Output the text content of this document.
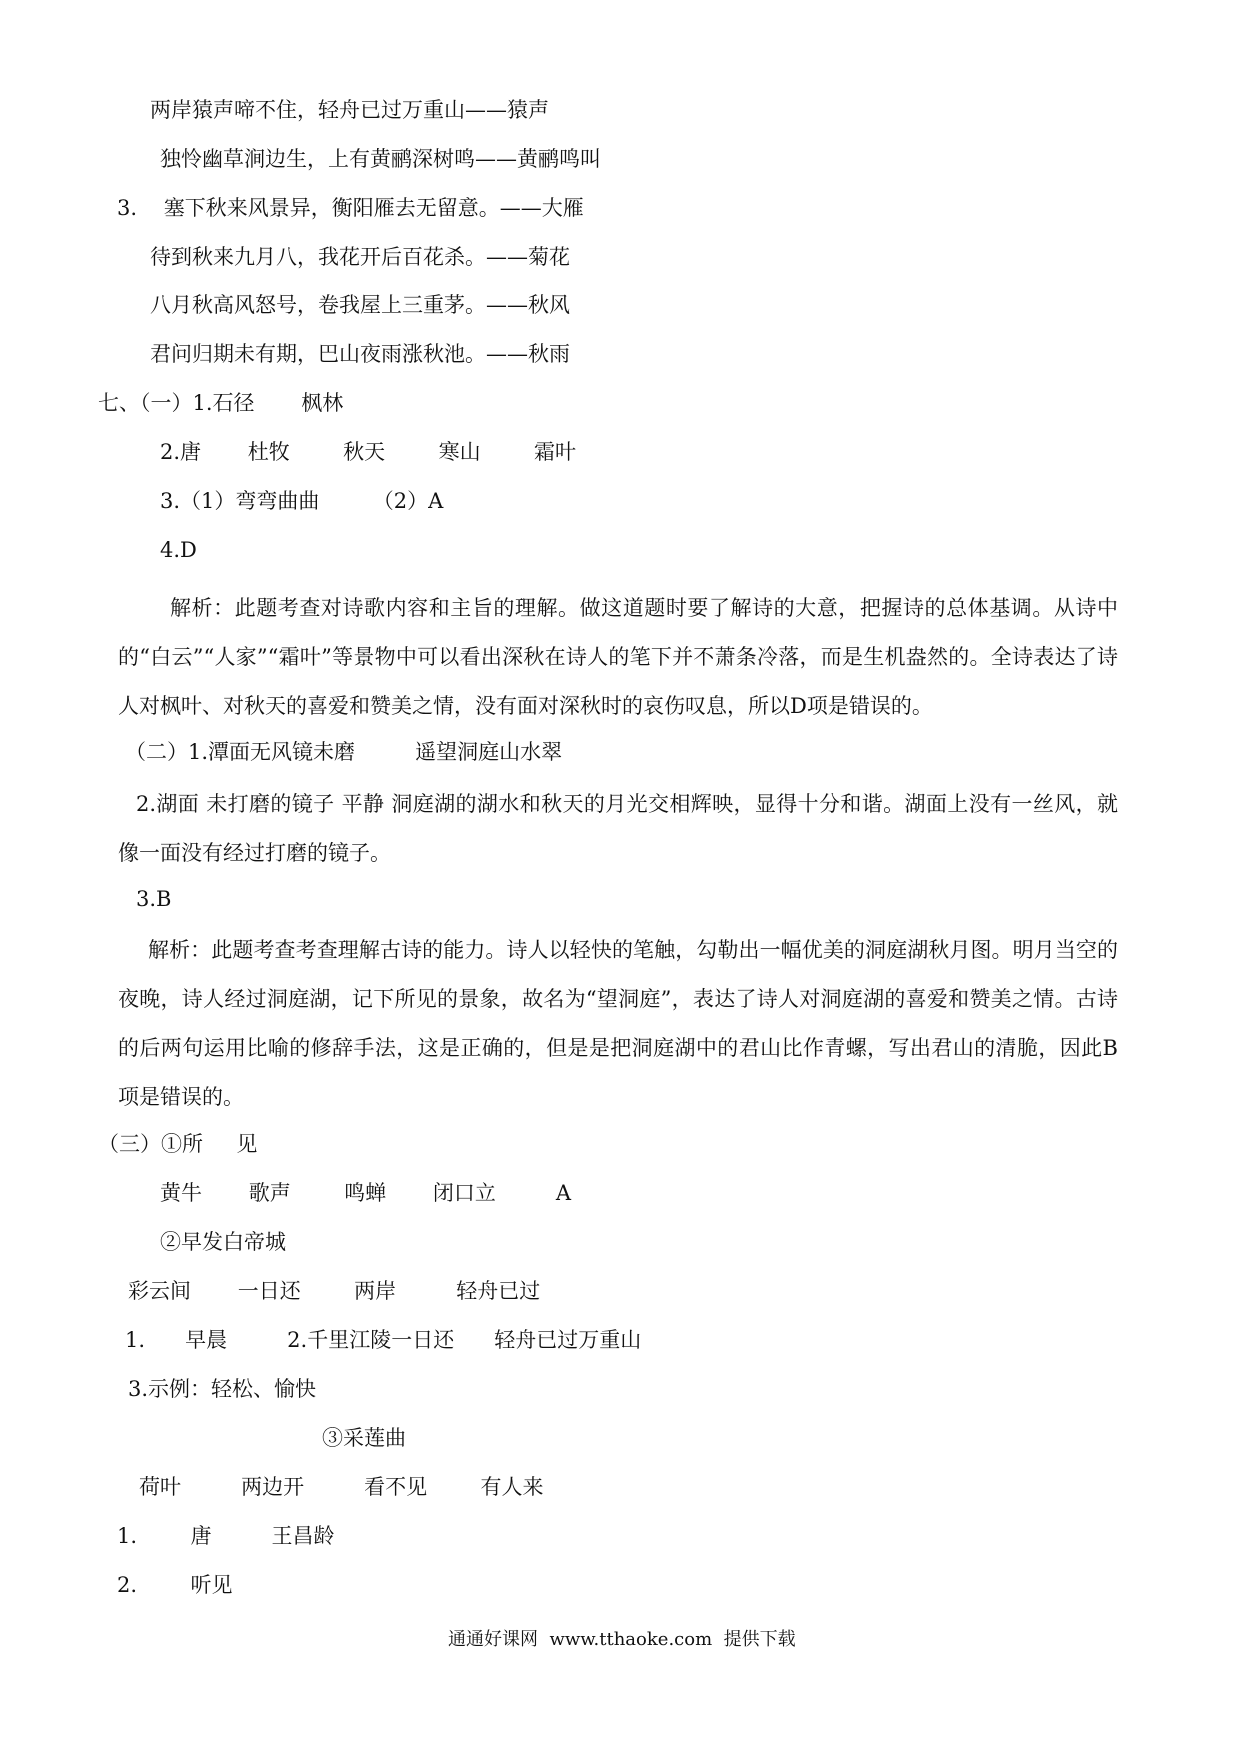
两岸猿声啼不住，轻舟已过万重山——猿声
独怜幽草涧边生，上有黄鹂深树鸣——黄鹂鸣叫
3.    塞下秋来风景异，衡阳雁去无留意。——大雁
待到秋来九月八，我花开后百花杀。——菊花
八月秋高风怒号，卷我屋上三重茅。——秋风
君问归期未有期，巴山夜雨涨秋池。——秋雨
七、（一）1.石径       枫林
2.唐       杜牧        秋天        寒山        霜叶
3.（1）弯弯曲曲        （2）A
4.D
解析：此题考查对诗歌内容和主旨的理解。做这道题时要了解诗的大意，把握诗的总体基调。从诗中的“白云”“人家”“霜叶”等景物中可以看出深秋在诗人的笔下并不萧条冷落，而是生机盎然的。全诗表达了诗人对枫叶、对秋天的喜爱和赞美之情，没有面对深秋时的哀伤叹息，所以D项是错误的。
（二）1.潭面无风镜未磨         遥望洞庭山水翠
2.湖面 未打磨的镜子 平静 洞庭湖的湖水和秋天的月光交相辉映，显得十分和谐。湖面上没有一丝风，就像一面没有经过打磨的镜子。
3.B
解析：此题考查考查理解古诗的能力。诗人以轻快的笔触，勾勒出一幅优美的洞庭湖秋月图。明月当空的夜晚，诗人经过洞庭湖，记下所见的景象，故名为“望洞庭”，表达了诗人对洞庭湖的喜爱和赞美之情。古诗的后两句运用比喻的修辞手法，这是正确的，但是是把洞庭湖中的君山比作青螺，写出君山的清脆，因此B项是错误的。
（三）①所     见
黄牛       歌声        鸣蝉       闭口立         A
②早发白帝城
彩云间       一日还        两岸         轻舟已过
1.      早晨         2.千里江陵一日还      轻舟已过万重山
3.示例：轻松、愉快
③采莲曲
荷叶         两边开         看不见        有人来
1.        唐         王昌龄
2.        听见
通通好课网  www.tthaoke.com  提供下载
